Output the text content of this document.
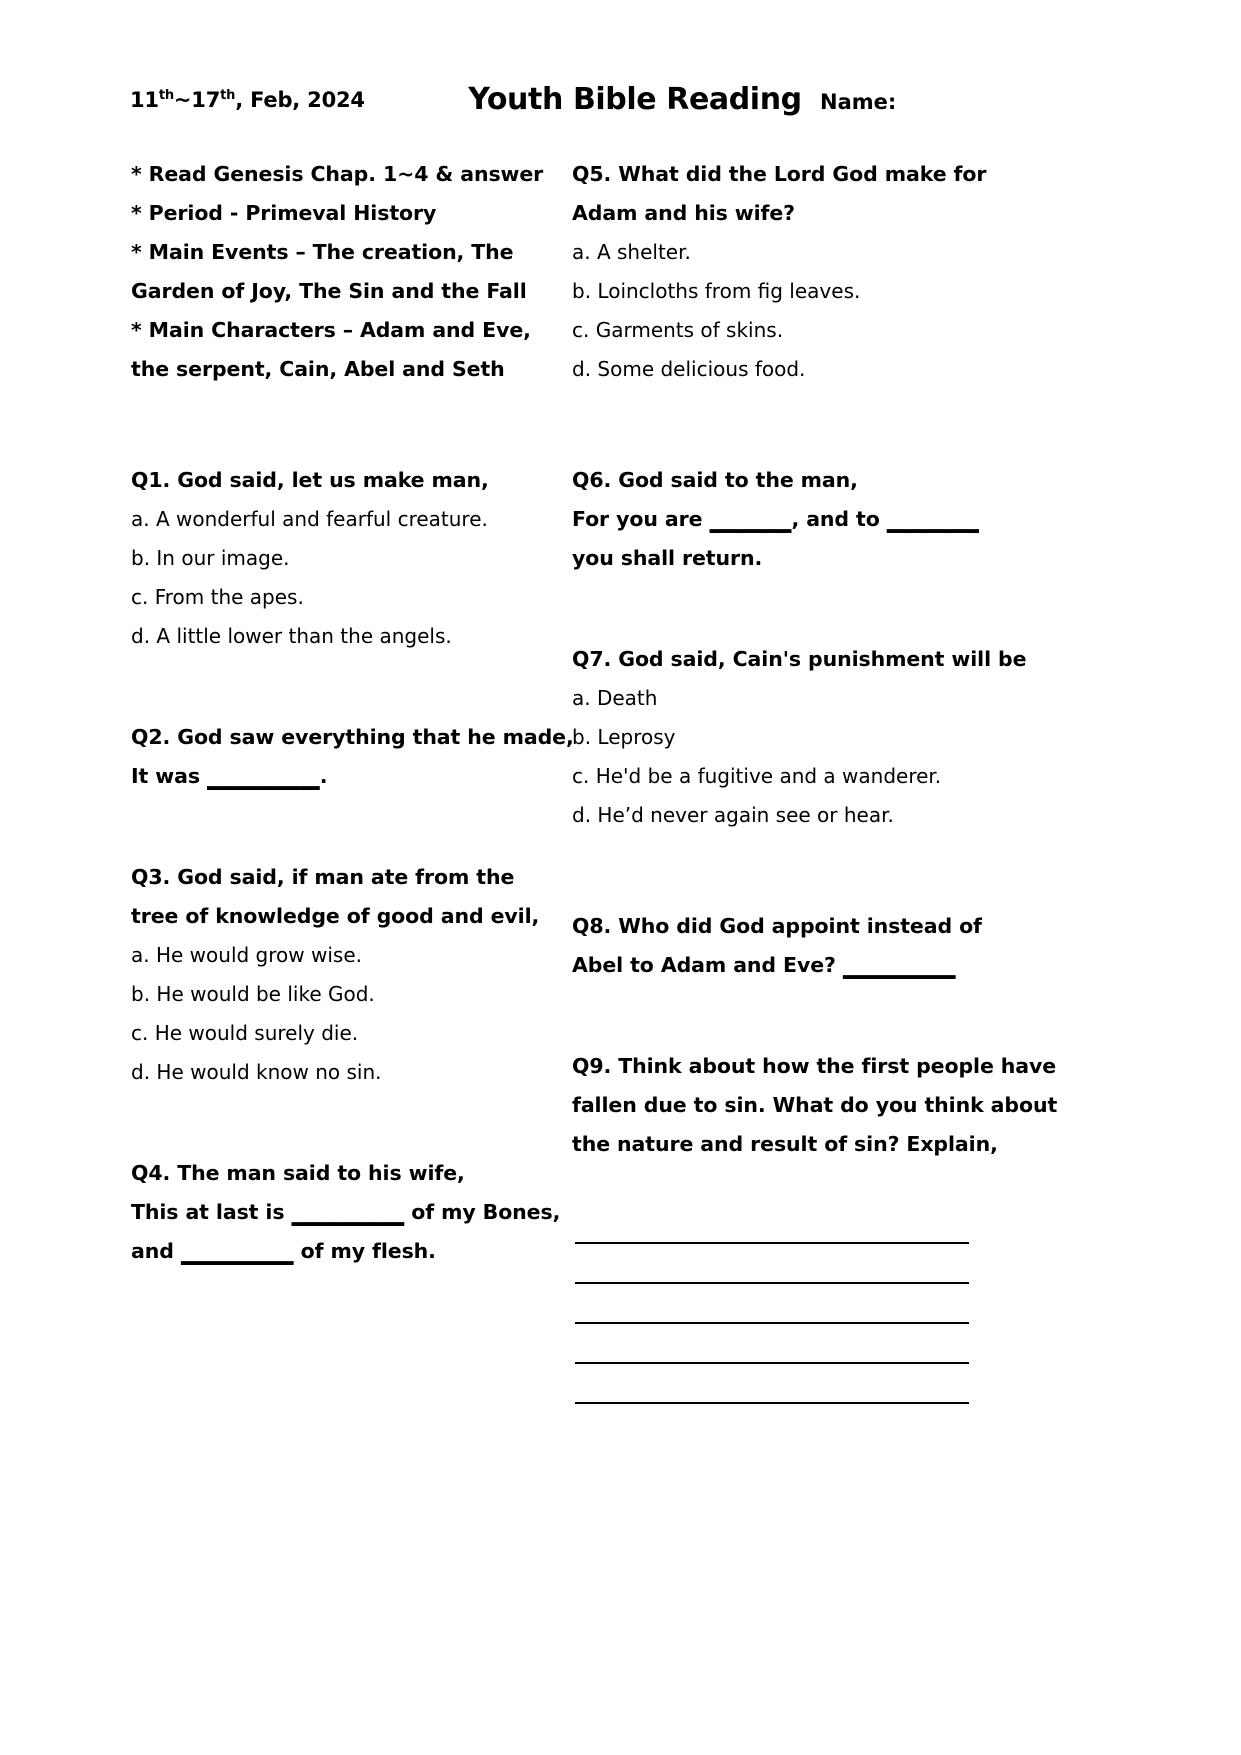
11th~17th, Feb, 2024	Youth Bible Reading Name:
* Read Genesis Chap. 1~4 & answer
* Period - Primeval History
* Main Events – The creation, The
Garden of Joy, The Sin and the Fall
* Main Characters – Adam and Eve,
the serpent, Cain, Abel and Seth
Q1. God said, let us make man,
a. A wonderful and fearful creature.
b. In our image.
c. From the apes.
d. A little lower than the angels.
Q2. God saw everything that he made,
It was ___________.
Q3. God said, if man ate from the
tree of knowledge of good and evil,
a. He would grow wise.
b. He would be like God.
c. He would surely die.
d. He would know no sin.
Q4. The man said to his wife,
This at last is ___________ of my Bones,
and ___________ of my flesh.
Q5. What did the Lord God make for
Adam and his wife?
a. A shelter.
b. Loincloths from fig leaves.
c. Garments of skins.
d. Some delicious food.
Q6. God said to the man,
For you are ________, and to _________
you shall return.
Q7. God said, Cain's punishment will be
a. Death
b. Leprosy
c. He'd be a fugitive and a wanderer.
d. He’d never again see or hear.
Q8. Who did God appoint instead of
Abel to Adam and Eve? ___________
Q9. Think about how the first people have
fallen due to sin. What do you think about
the nature and result of sin? Explain,
